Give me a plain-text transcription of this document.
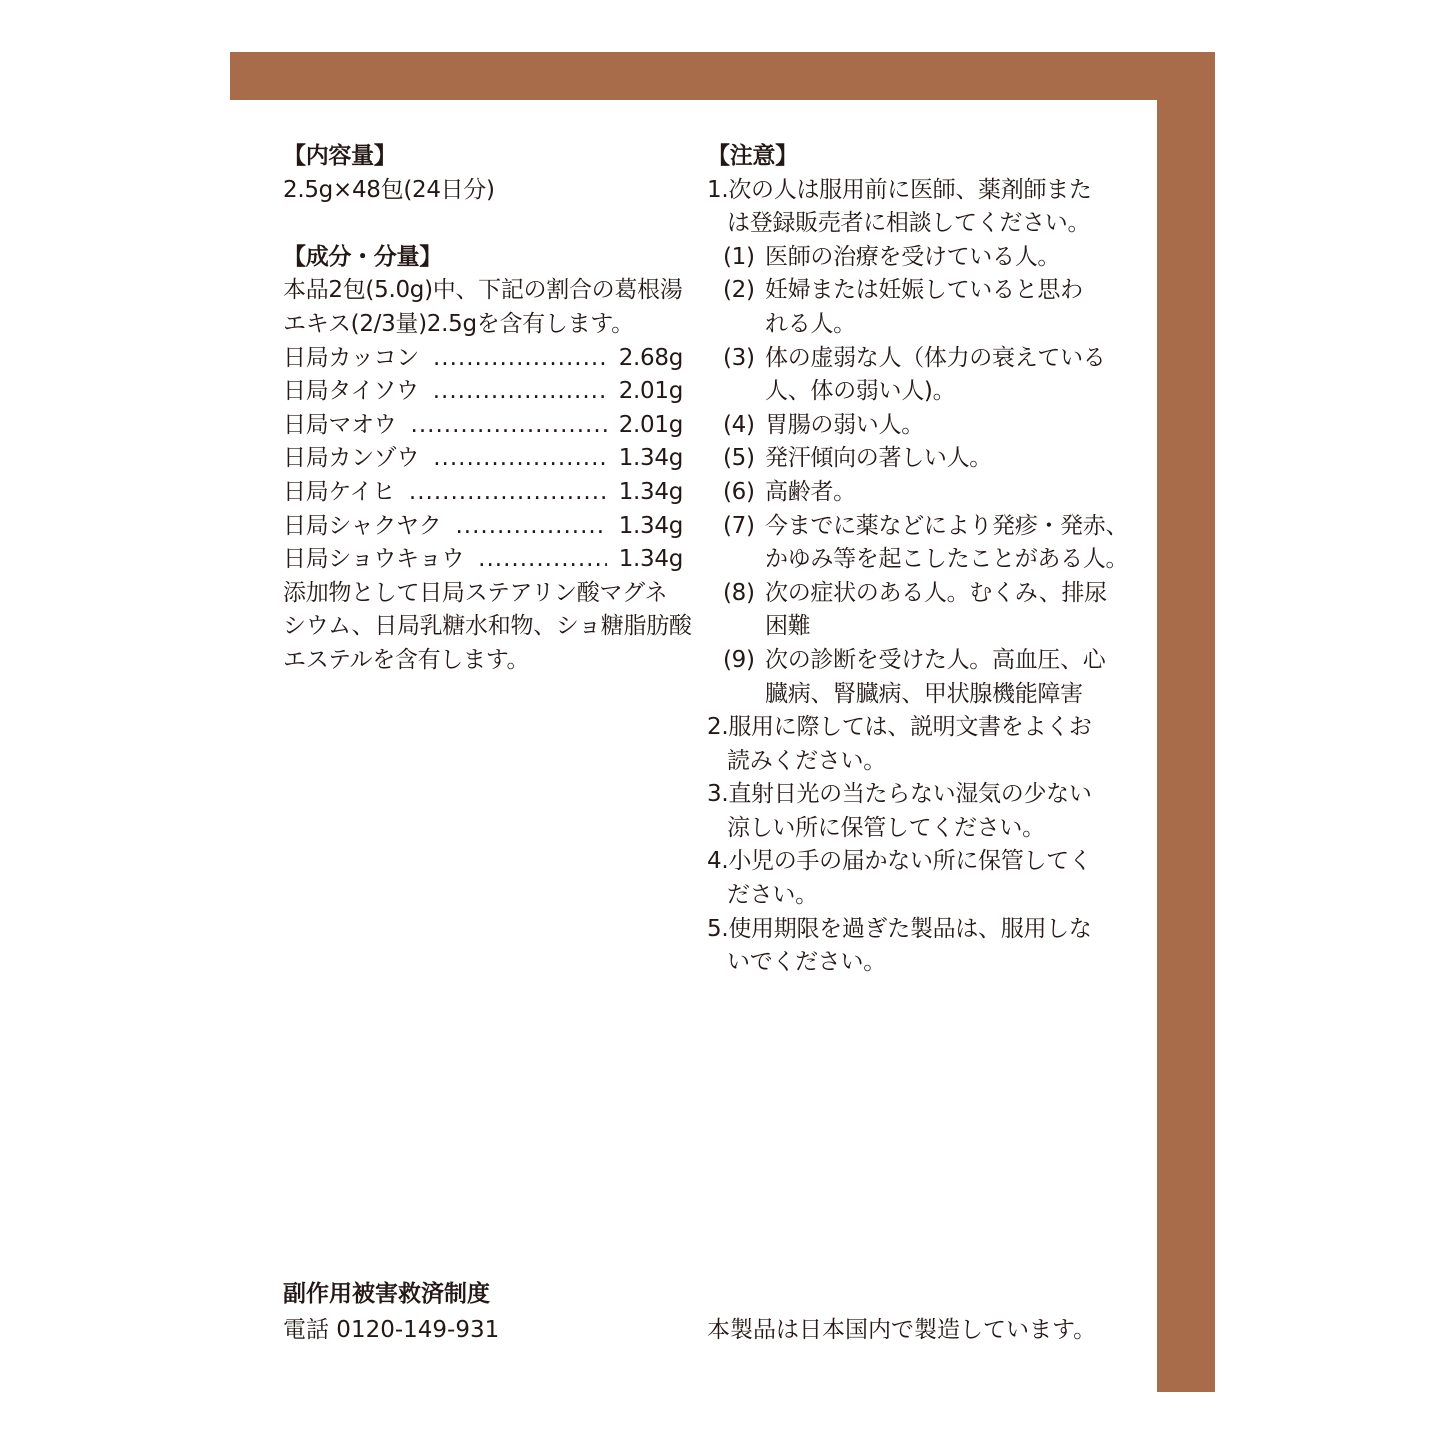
【内容量】
2.5g×48包(24日分)
【成分・分量】
本品2包(5.0g)中、下記の割合の葛根湯
エキス(2/3量)2.5gを含有します。
日局カッコン .....	2.68g
日局タイソウ .....	2.01g
日局マオウ .....	2.01g
日局カンゾウ .....	1.34g
日局ケイヒ .....	1.34g
日局シャクヤク .....	1.34g
日局ショウキョウ .....	1.34g
添加物として日局ステアリン酸マグネ
シウム、日局乳糖水和物、ショ糖脂肪酸
エステルを含有します。
【注意】
1. 次の人は服用前に医師、薬剤師また
は登録販売者に相談してください。
(1) 医師の治療を受けている人。
(2) 妊婦または妊娠していると思わ
れる人。
(3) 体の虚弱な人（体力の衰えている
人、体の弱い人)。
(4) 胃腸の弱い人。
(5) 発汗傾向の著しい人。
(6) 高齢者。
(7) 今までに薬などにより発疹・発赤、
かゆみ等を起こしたことがある人。
(8) 次の症状のある人。むくみ、排尿
困難
(9) 次の診断を受けた人。高血圧、心
臓病、腎臓病、甲状腺機能障害
2. 服用に際しては、説明文書をよくお
読みください。
3. 直射日光の当たらない湿気の少ない
涼しい所に保管してください。
4. 小児の手の届かない所に保管してく
ださい。
5. 使用期限を過ぎた製品は、服用しな
いでください。
副作用被害救済制度
電話 0120-149-931	本製品は日本国内で製造しています。
